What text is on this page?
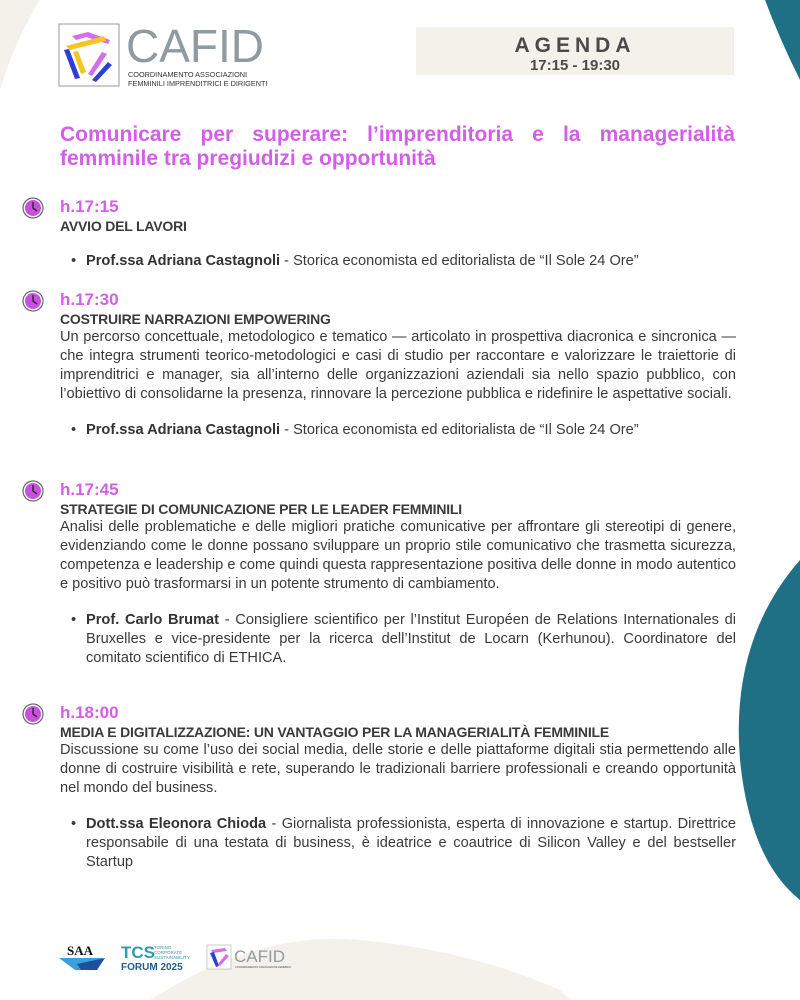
CAFID
COORDINAMENTO ASSOCIAZIONI
FEMMINILI IMPRENDITRICI E DIRIGENTI
AGENDA
17:15 - 19:30
Comunicare per superare: l’imprenditoria e la managerialità femminile tra pregiudizi e opportunità
h.17:15
AVVIO DEL LAVORI
• Prof.ssa Adriana Castagnoli - Storica economista ed editorialista de “Il Sole 24 Ore”
h.17:30
COSTRUIRE NARRAZIONI EMPOWERING

Un percorso concettuale, metodologico e tematico — articolato in prospettiva diacronica e sincronica — che integra strumenti teorico-metodologici e casi di studio per raccontare e valorizzare le traiettorie di imprenditrici e manager, sia all’interno delle organizzazioni aziendali sia nello spazio pubblico, con l’obiettivo di consolidarne la presenza, rinnovare la percezione pubblica e ridefinire le aspettative sociali.

• Prof.ssa Adriana Castagnoli - Storica economista ed editorialista de “Il Sole 24 Ore”
h.17:45
STRATEGIE DI COMUNICAZIONE PER LE LEADER FEMMINILI

Analisi delle problematiche e delle migliori pratiche comunicative per affrontare gli stereotipi di genere, evidenziando come le donne possano sviluppare un proprio stile comunicativo che trasmetta sicurezza, competenza e leadership e come quindi questa rappresentazione positiva delle donne in modo autentico e positivo può trasformarsi in un potente strumento di cambiamento.

• Prof. Carlo Brumat - Consigliere scientifico per l’Institut Européen de Relations Internationales di Bruxelles e vice-presidente per la ricerca dell’Institut de Locarn (Kerhunou). Coordinatore del comitato scientifico di ETHICA.
h.18:00
MEDIA E DIGITALIZZAZIONE: UN VANTAGGIO PER LA MANAGERIALITÀ FEMMINILE

Discussione su come l’uso dei social media, delle storie e delle piattaforme digitali stia permettendo alle donne di costruire visibilità e rete, superando le tradizionali barriere professionali e creando opportunità nel mondo del business.

• Dott.ssa Eleonora Chioda - Giornalista professionista, esperta di innovazione e startup. Direttrice responsabile di una testata di business, è ideatrice e coautrice di Silicon Valley e del bestseller Startup
SAA TCS TORINO
CORPORATE
SUSTAINABILITY
FORUM 2025
CAFID
COORDINAMENTO ASSOCIAZIONI FEMMINILI
